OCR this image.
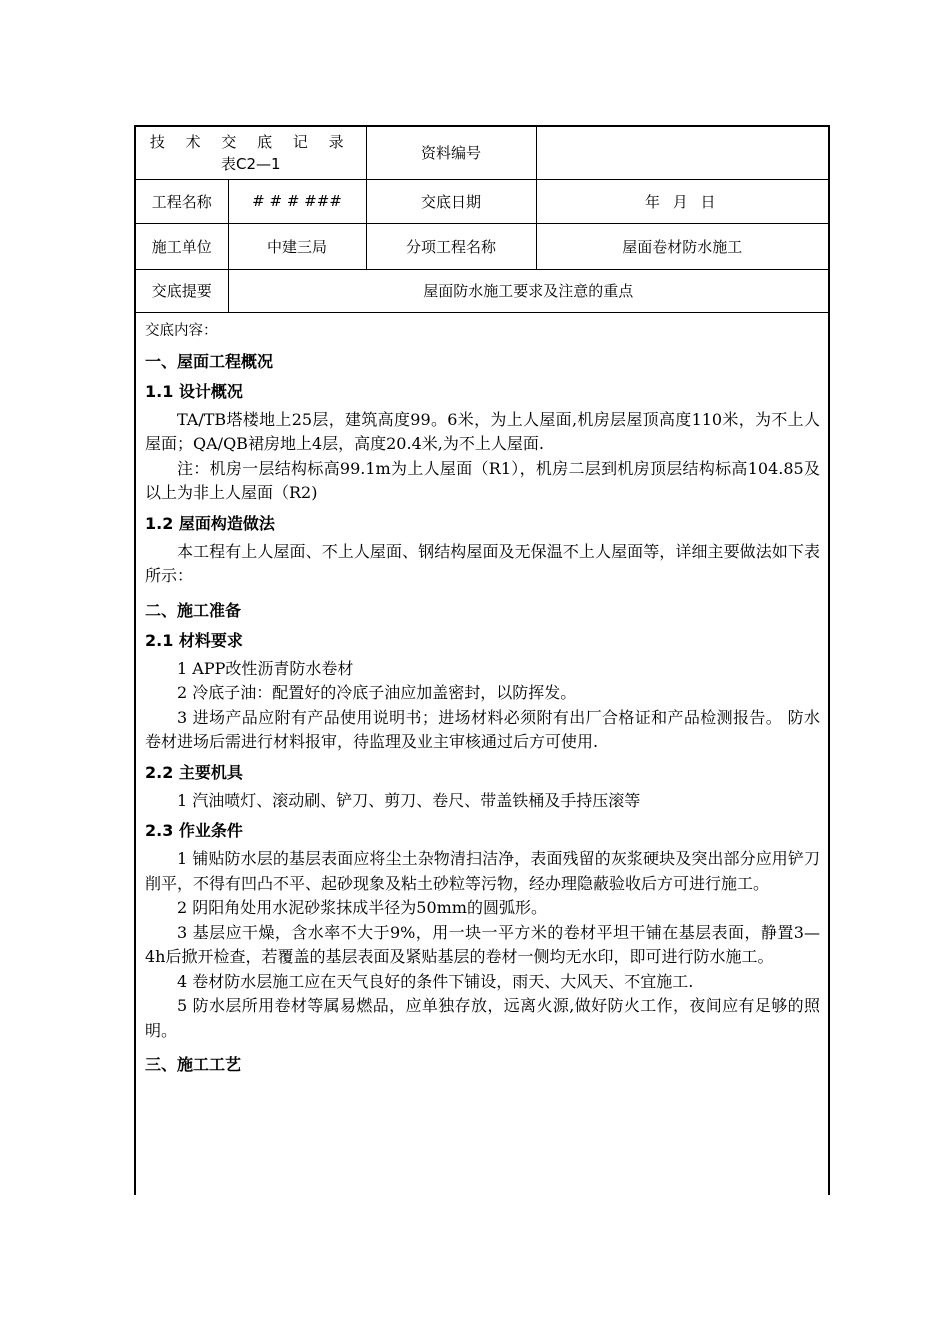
技 术 交 底 记 录
表C2—1		资料编号	
工程名称	# # # ###	交底日期	年 月 日
施工单位	中建三局	分项工程名称	屋面卷材防水施工
交底提要	屋面防水施工要求及注意的重点		
交底内容：
一、屋面工程概况
1.1 设计概况

TA/TB塔楼地上25层，建筑高度99。6米，为上人屋面,机房层屋顶高度110米，为不上人屋面；QA/QB裙房地上4层，高度20.4米,为不上人屋面.

注：机房一层结构标高99.1m为上人屋面（R1），机房二层到机房顶层结构标高104.85及以上为非上人屋面（R2)

1.2 屋面构造做法

本工程有上人屋面、不上人屋面、钢结构屋面及无保温不上人屋面等，详细主要做法如下表所示：

二、施工准备
2.1 材料要求

1 APP改性沥青防水卷材

2 冷底子油：配置好的冷底子油应加盖密封，以防挥发。

3 进场产品应附有产品使用说明书；进场材料必须附有出厂合格证和产品检测报告。 防水卷材进场后需进行材料报审，待监理及业主审核通过后方可使用.

2.2 主要机具

1 汽油喷灯、滚动刷、铲刀、剪刀、卷尺、带盖铁桶及手持压滚等

2.3 作业条件

1 铺贴防水层的基层表面应将尘土杂物清扫洁净，表面残留的灰浆硬块及突出部分应用铲刀削平，不得有凹凸不平、起砂现象及粘土砂粒等污物，经办理隐蔽验收后方可进行施工。

2 阴阳角处用水泥砂浆抹成半径为50mm的圆弧形。

3 基层应干燥，含水率不大于9%，用一块一平方米的卷材平坦干铺在基层表面，静置3—4h后掀开检查，若覆盖的基层表面及紧贴基层的卷材一侧均无水印，即可进行防水施工。

4 卷材防水层施工应在天气良好的条件下铺设，雨天、大风天、不宜施工.

5 防水层所用卷材等属易燃品，应单独存放，远离火源,做好防火工作，夜间应有足够的照明。

三、施工工艺
